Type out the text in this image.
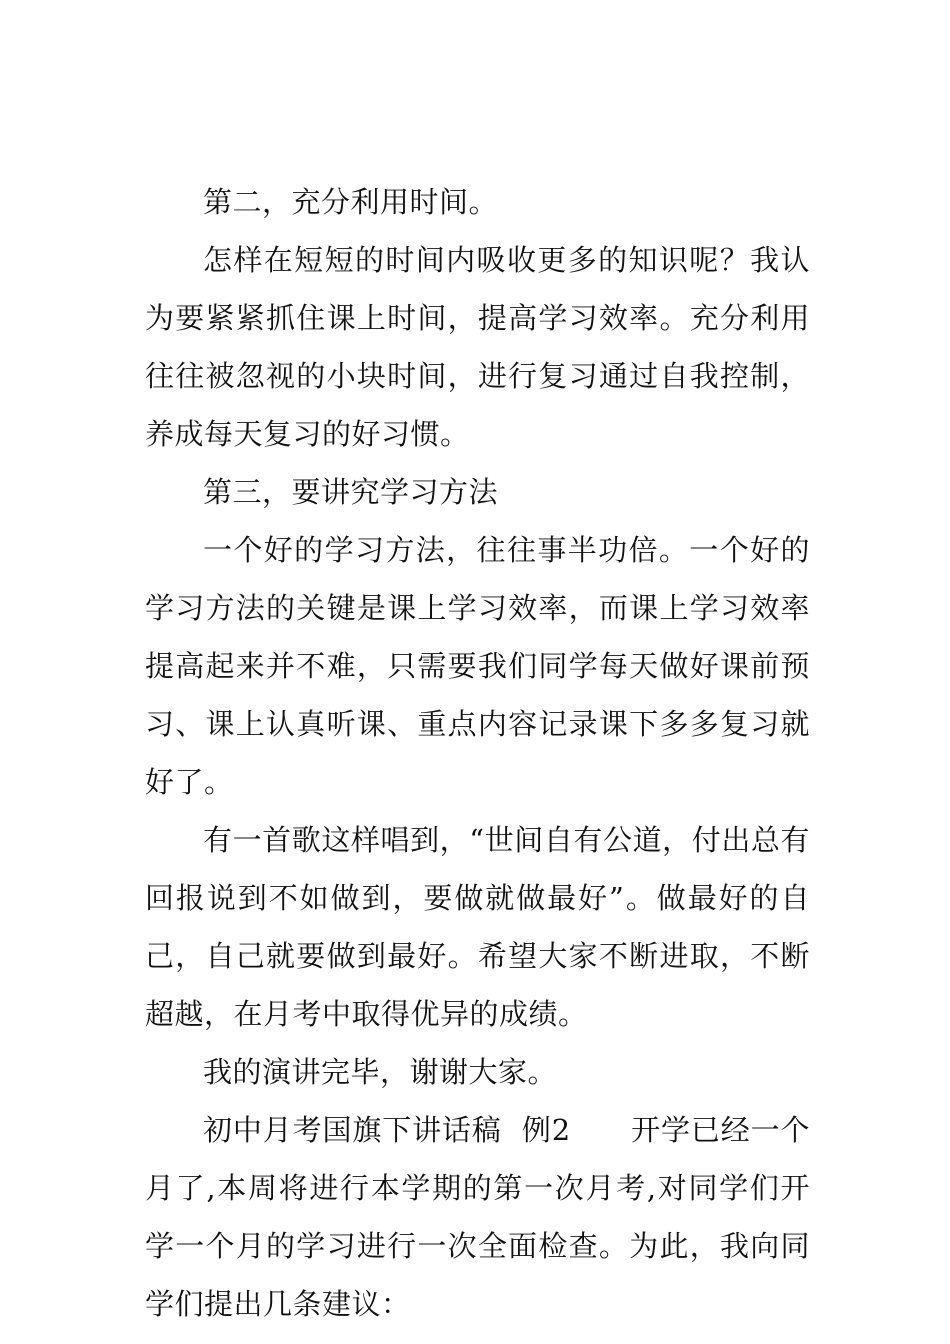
第二，充分利用时间。

怎样在短短的时间内吸收更多的知识呢？我认为要紧紧抓住课上时间，提高学习效率。充分利用往往被忽视的小块时间，进行复习通过自我控制，养成每天复习的好习惯。

第三，要讲究学习方法

一个好的学习方法，往往事半功倍。一个好的学习方法的关键是课上学习效率，而课上学习效率提高起来并不难，只需要我们同学每天做好课前预习、课上认真听课、重点内容记录课下多多复习就好了。

有一首歌这样唱到，“世间自有公道，付出总有回报说到不如做到，要做就做最好”。做最好的自己，自己就要做到最好。希望大家不断进取，不断超越，在月考中取得优异的成绩。

我的演讲完毕，谢谢大家。

初中月考国旗下讲话稿  例2      开学已经一个月了,本周将进行本学期的第一次月考,对同学们开学一个月的学习进行一次全面检查。为此，我向同学们提出几条建议：
